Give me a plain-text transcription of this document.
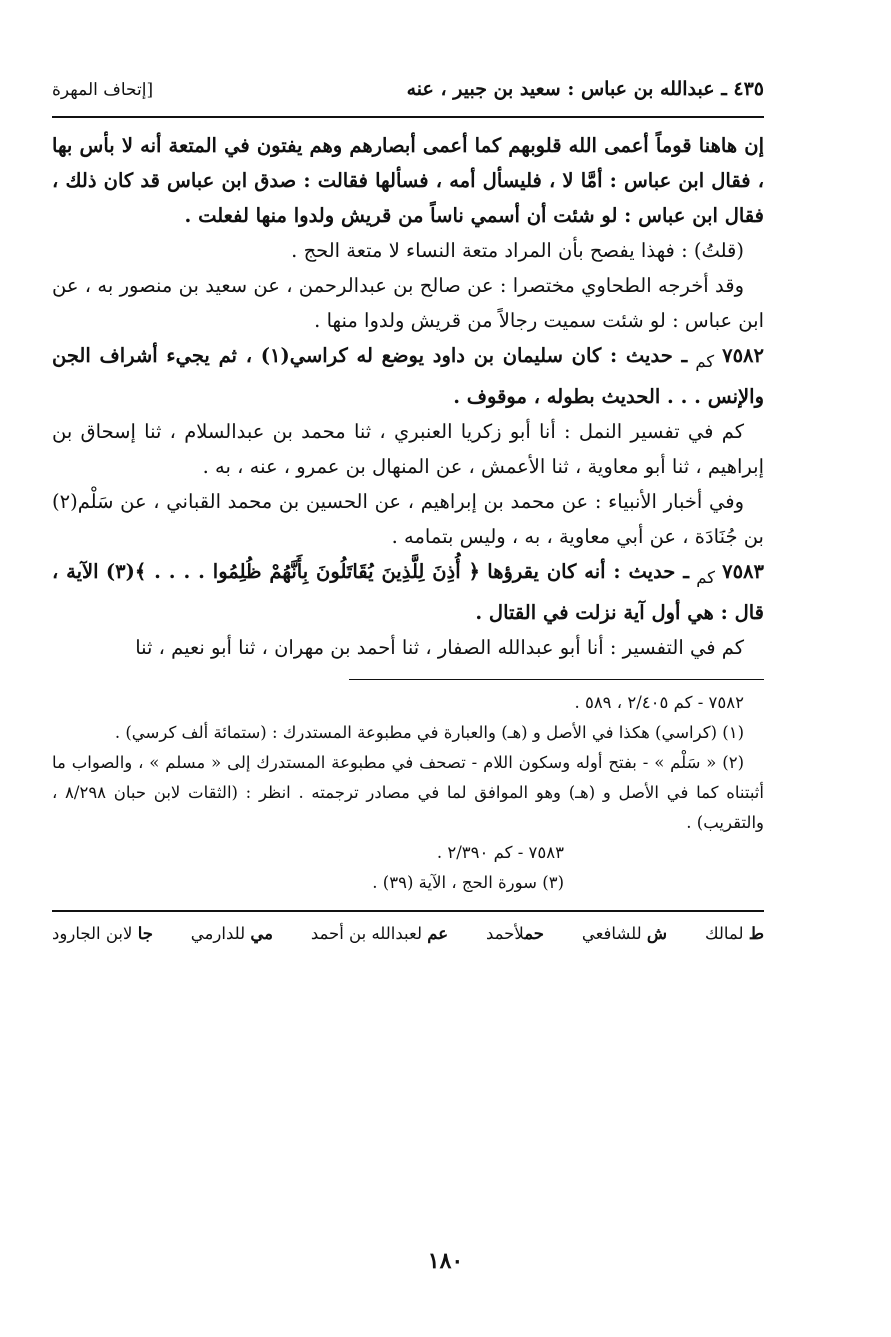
٤٣٥ ـ عبدالله بن عباس : سعيد بن جبير ، عنه
[إتحاف المهرة

إن هاهنا قوماً أعمى الله قلوبهم كما أعمى أبصارهم وهم يفتون في المتعة أنه لا بأس بها ، فقال ابن عباس : أمَّا لا ، فليسأل أمه ، فسألها فقالت : صدق ابن عباس قد كان ذلك ، فقال ابن عباس : لو شئت أن أسمي ناساً من قريش ولدوا منها لفعلت .

(قلتُ) : فهذا يفصح بأن المراد متعة النساء لا متعة الحج .

وقد أخرجه الطحاوي مختصرا : عن صالح بن عبدالرحمن ، عن سعيد بن منصور به ، عن ابن عباس : لو شئت سميت رجالاً من قريش ولدوا منها .

٧٥٨٢ $_{كم}$ ـ حديث : كان سليمان بن داود يوضع له كراسي(١) ، ثم يجيء أشراف الجن والإنس . . . الحديث بطوله ، موقوف .

كم في تفسير النمل : أنا أبو زكريا العنبري ، ثنا محمد بن عبدالسلام ، ثنا إسحاق بن إبراهيم ، ثنا أبو معاوية ، ثنا الأعمش ، عن المنهال بن عمرو ، عنه ، به .

وفي أخبار الأنبياء : عن محمد بن إبراهيم ، عن الحسين بن محمد القباني ، عن سَلْم(٢) بن جُنَادَة ، عن أبي معاوية ، به ، وليس بتمامه .

٧٥٨٣ $_{كم}$ ـ حديث : أنه كان يقرؤها ﴿ أُذِنَ لِلَّذِينَ يُقَاتَلُونَ بِأَنَّهُمْ ظُلِمُوا . . . . ﴾(٣) الآية ، قال : هي أول آية نزلت في القتال .

كم في التفسير : أنا أبو عبدالله الصفار ، ثنا أحمد بن مهران ، ثنا أبو نعيم ، ثنا

٧٥٨٢ - كم ٢/٤٠٥ ، ٥٨٩ .

(١) (كراسي) هكذا في الأصل و (هـ) والعبارة في مطبوعة المستدرك : (ستمائة ألف كرسي) .

(٢) « سَلْم » - بفتح أوله وسكون اللام - تصحف في مطبوعة المستدرك إلى « مسلم » ، والصواب ما أثبتناه كما في الأصل و (هـ) وهو الموافق لما في مصادر ترجمته . انظر : (الثقات لابن حبان ٨/٢٩٨ ، والتقريب) .

٧٥٨٣ - كم ٢/٣٩٠ .

(٣) سورة الحج ، الآية (٣٩) .

ط لمالك
ش للشافعي
حملأحمد
عم لعبدالله بن أحمد
مي للدارمي
جا لابن الجارود
١٨٠
